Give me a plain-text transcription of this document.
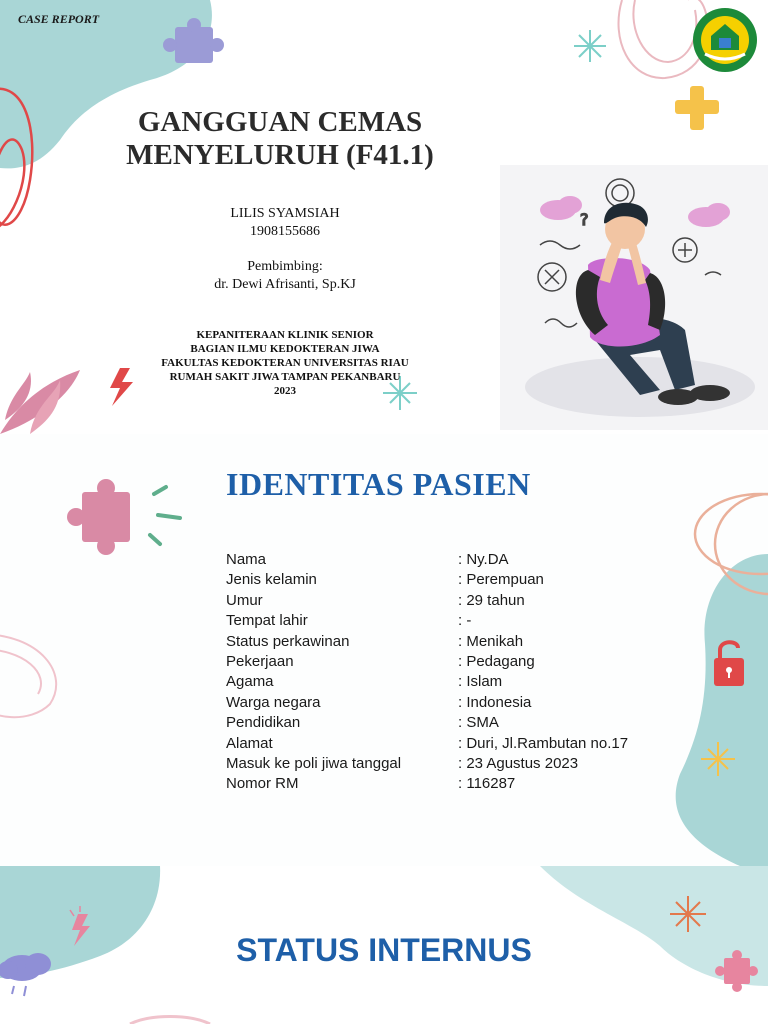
?
CASE REPORT
GANGGUAN CEMAS
MENYELURUH (F41.1)
LILIS SYAMSIAH
1908155686
Pembimbing:
dr. Dewi Afrisanti, Sp.KJ
KEPANITERAAN KLINIK SENIOR
BAGIAN ILMU KEDOKTERAN JIWA
FAKULTAS KEDOKTERAN UNIVERSITAS RIAU
RUMAH SAKIT JIWA TAMPAN PEKANBARU
2023
IDENTITAS PASIEN
Nama	: Ny.DA
Jenis kelamin	: Perempuan
Umur	: 29 tahun
Tempat lahir	: -
Status perkawinan	: Menikah
Pekerjaan	: Pedagang
Agama	: Islam
Warga negara	: Indonesia
Pendidikan	: SMA
Alamat	: Duri, Jl.Rambutan no.17
Masuk ke poli jiwa tanggal	: 23 Agustus 2023
Nomor RM	: 116287
STATUS INTERNUS
